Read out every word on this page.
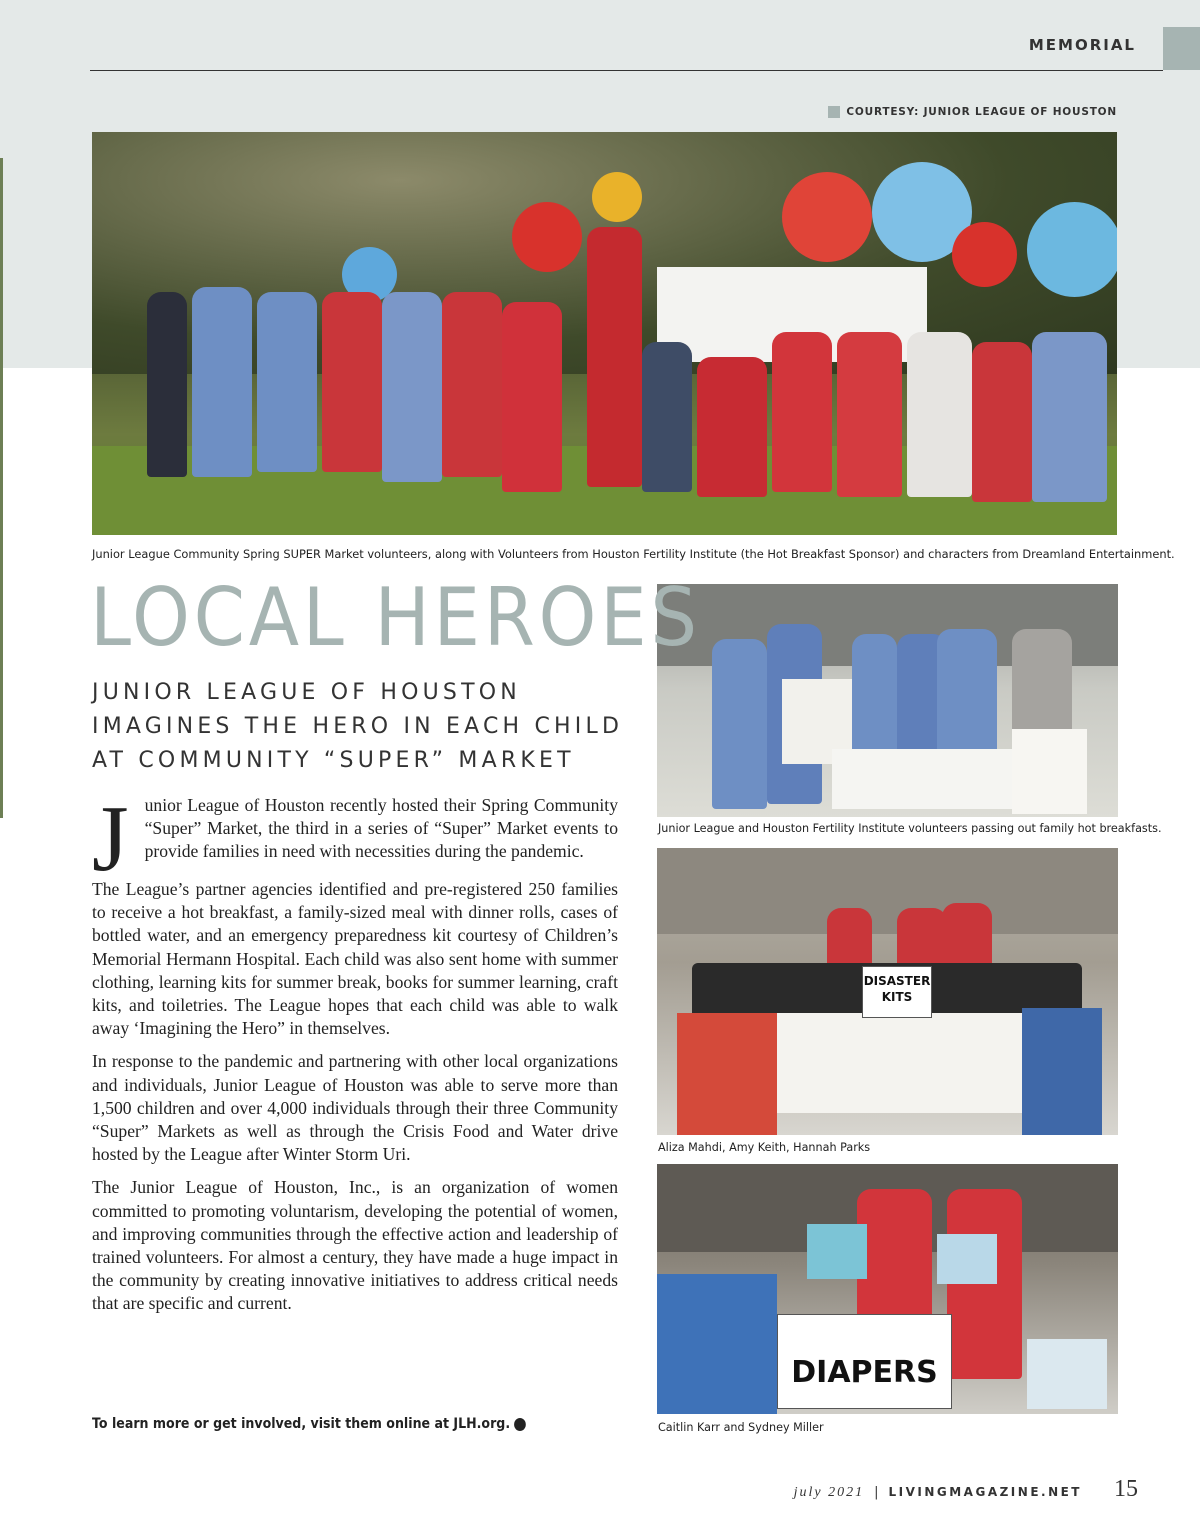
MEMORIAL
COURTESY: JUNIOR LEAGUE OF HOUSTON
Junior League Community Spring SUPER Market volunteers, along with Volunteers from Houston Fertility Institute (the Hot Breakfast Sponsor) and characters from Dreamland Entertainment.
Junior League and Houston Fertility Institute volunteers passing out family hot breakfasts.
DISASTER KITS
Aliza Mahdi, Amy Keith, Hannah Parks
DIAPERS
Caitlin Karr and Sydney Miller
LOCAL HEROES
JUNIOR LEAGUE OF HOUSTON IMAGINES THE HERO IN EACH CHILD AT COMMUNITY “SUPER” MARKET

Junior League of Houston recently hosted their Spring Community “Super” Market, the third in a series of “Super” Market events to provide families in need with necessities during the pandemic.

The League’s partner agencies identified and pre-registered 250 families to receive a hot breakfast, a family-sized meal with dinner rolls, cases of bottled water, and an emergency preparedness kit courtesy of Children’s Memorial Hermann Hospital. Each child was also sent home with summer clothing, learning kits for summer break, books for summer learning, craft kits, and toiletries. The League hopes that each child was able to walk away ‘Imagining the Hero” in themselves.

In response to the pandemic and partnering with other local organizations and individuals, Junior League of Houston was able to serve more than 1,500 children and over 4,000 individuals through their three Community “Super” Markets as well as through the Crisis Food and Water drive hosted by the League after Winter Storm Uri.

The Junior League of Houston, Inc., is an organization of women committed to promoting voluntarism, developing the potential of women, and improving communities through the effective action and leadership of trained volunteers. For almost a century, they have made a huge impact in the community by creating innovative initiatives to address critical needs that are specific and current.

To learn more or get involved, visit them online at JLH.org.
july 2021 | LIVINGMAGAZINE.NET 15
